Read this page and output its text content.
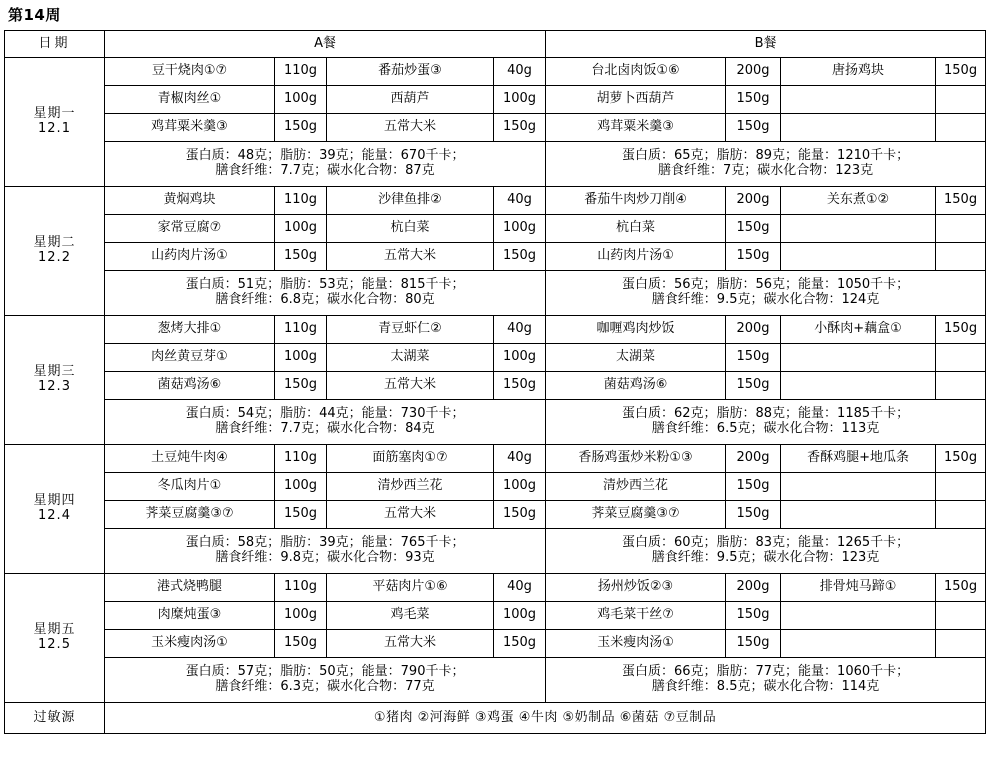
第14周
日期	A餐				B餐			

星期一
12.1	豆干烧肉①⑦	110g	番茄炒蛋③	40g	台北卤肉饭①⑥	200g	唐扬鸡块	150g
	青椒肉丝①	100g	西葫芦	100g	胡萝卜西葫芦	150g		
	鸡茸粟米羹③	150g	五常大米	150g	鸡茸粟米羹③	150g		

蛋白质：48克；脂肪：39克；能量：670千卡；
膳食纤维：7.7克；碳水化合物：87克

蛋白质：65克；脂肪：89克；能量：1210千卡；
膳食纤维：7克；碳水化合物：123克

星期二
12.2	黄焖鸡块	110g	沙律鱼排②	40g	番茄牛肉炒刀削④	200g	关东煮①②	150g
	家常豆腐⑦	100g	杭白菜	100g	杭白菜	150g		
	山药肉片汤①	150g	五常大米	150g	山药肉片汤①	150g		

蛋白质：51克；脂肪：53克；能量：815千卡；
膳食纤维：6.8克；碳水化合物：80克

蛋白质：56克；脂肪：56克；能量：1050千卡；
膳食纤维：9.5克；碳水化合物：124克

星期三
12.3	葱烤大排①	110g	青豆虾仁②	40g	咖喱鸡肉炒饭	200g	小酥肉+藕盒①	150g
	肉丝黄豆芽①	100g	太湖菜	100g	太湖菜	150g		
	菌菇鸡汤⑥	150g	五常大米	150g	菌菇鸡汤⑥	150g		

蛋白质：54克；脂肪：44克；能量：730千卡；
膳食纤维：7.7克；碳水化合物：84克

蛋白质：62克；脂肪：88克；能量：1185千卡；
膳食纤维：6.5克；碳水化合物：113克

星期四
12.4	土豆炖牛肉④	110g	面筋塞肉①⑦	40g	香肠鸡蛋炒米粉①③	200g	香酥鸡腿+地瓜条	150g
	冬瓜肉片①	100g	清炒西兰花	100g	清炒西兰花	150g		
	荠菜豆腐羹③⑦	150g	五常大米	150g	荠菜豆腐羹③⑦	150g		

蛋白质：58克；脂肪：39克；能量：765千卡；
膳食纤维：9.8克；碳水化合物：93克

蛋白质：60克；脂肪：83克；能量：1265千卡；
膳食纤维：9.5克；碳水化合物：123克

星期五
12.5	港式烧鸭腿	110g	平菇肉片①⑥	40g	扬州炒饭②③	200g	排骨炖马蹄①	150g
	肉糜炖蛋③	100g	鸡毛菜	100g	鸡毛菜干丝⑦	150g		
	玉米瘦肉汤①	150g	五常大米	150g	玉米瘦肉汤①	150g		

蛋白质：57克；脂肪：50克；能量：790千卡；
膳食纤维：6.3克；碳水化合物：77克

蛋白质：66克；脂肪：77克；能量：1060千卡；
膳食纤维：8.5克；碳水化合物：114克

过敏源	①猪肉 ②河海鲜 ③鸡蛋 ④牛肉 ⑤奶制品 ⑥菌菇 ⑦豆制品							
